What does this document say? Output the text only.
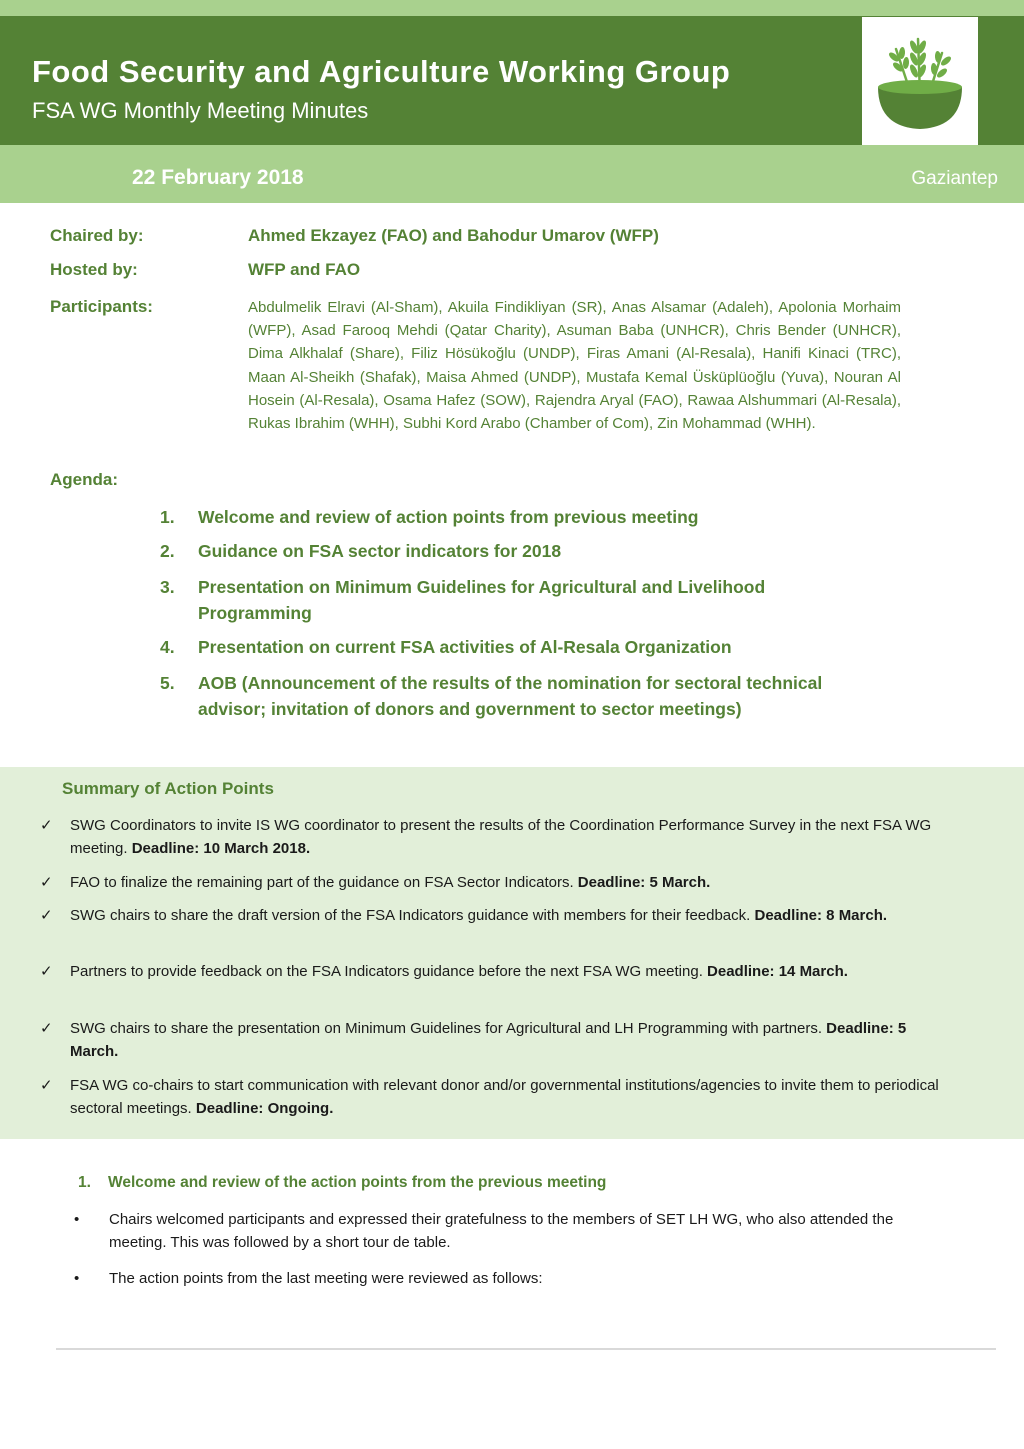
Food Security and Agriculture Working Group
FSA WG Monthly Meeting Minutes
22 February 2018	Gaziantep
Chaired by:	Ahmed Ekzayez (FAO) and Bahodur Umarov (WFP)
Hosted by:	WFP and FAO
Participants:	Abdulmelik Elravi (Al-Sham), Akuila Findikliyan (SR), Anas Alsamar (Adaleh), Apolonia Morhaim (WFP), Asad Farooq Mehdi (Qatar Charity), Asuman Baba (UNHCR), Chris Bender (UNHCR), Dima Alkhalaf (Share), Filiz Hösükoğlu (UNDP), Firas Amani (Al-Resala), Hanifi Kinaci (TRC), Maan Al-Sheikh (Shafak), Maisa Ahmed (UNDP), Mustafa Kemal Üsküplüoğlu (Yuva), Nouran Al Hosein (Al-Resala), Osama Hafez (SOW), Rajendra Aryal (FAO), Rawaa Alshummari (Al-Resala), Rukas Ibrahim (WHH), Subhi Kord Arabo (Chamber of Com), Zin Mohammad (WHH).
Agenda:
1.	Welcome and review of action points from previous meeting
2.	Guidance on FSA sector indicators for 2018
3.	Presentation on Minimum Guidelines for Agricultural and Livelihood Programming
4.	Presentation on current FSA activities of Al-Resala Organization
5.	AOB (Announcement of the results of the nomination for sectoral technical advisor; invitation of donors and government to sector meetings)
Summary of Action Points
✓ SWG Coordinators to invite IS WG coordinator to present the results of the Coordination Performance Survey in the next FSA WG meeting. Deadline: 10 March 2018.
✓ FAO to finalize the remaining part of the guidance on FSA Sector Indicators. Deadline: 5 March.
✓ SWG chairs to share the draft version of the FSA Indicators guidance with members for their feedback. Deadline: 8 March.
✓ Partners to provide feedback on the FSA Indicators guidance before the next FSA WG meeting. Deadline: 14 March.
✓ SWG chairs to share the presentation on Minimum Guidelines for Agricultural and LH Programming with partners. Deadline: 5 March.
✓ FSA WG co-chairs to start communication with relevant donor and/or governmental institutions/agencies to invite them to periodical sectoral meetings. Deadline: Ongoing.
1. Welcome and review of the action points from the previous meeting
• Chairs welcomed participants and expressed their gratefulness to the members of SET LH WG, who also attended the meeting. This was followed by a short tour de table.
• The action points from the last meeting were reviewed as follows:
